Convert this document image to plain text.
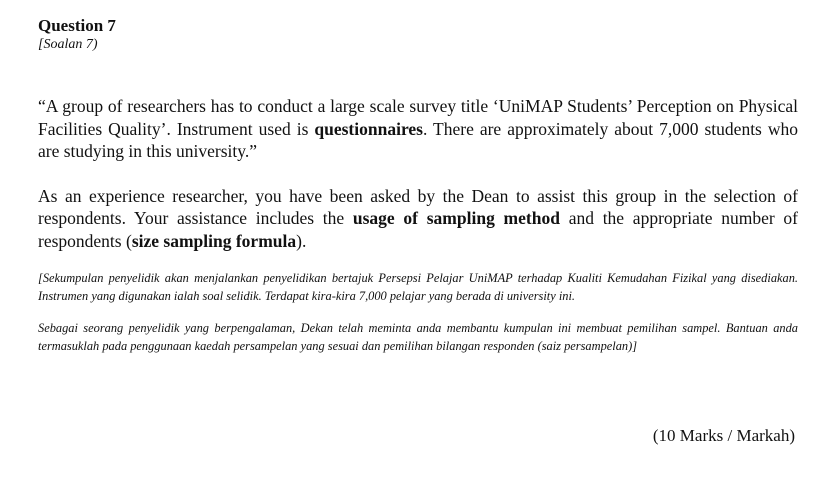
Question 7

[Soalan 7)

“A group of researchers has to conduct a large scale survey title ‘UniMAP Students’ Perception on Physical Facilities Quality’. Instrument used is questionnaires. There are approximately about 7,000 students who are studying in this university.”

As an experience researcher, you have been asked by the Dean to assist this group in the selection of respondents. Your assistance includes the usage of sampling method and the appropriate number of respondents (size sampling formula).

[Sekumpulan penyelidik akan menjalankan penyelidikan bertajuk Persepsi Pelajar UniMAP terhadap Kualiti Kemudahan Fizikal yang disediakan. Instrumen yang digunakan ialah soal selidik. Terdapat kira-kira 7,000 pelajar yang berada di university ini.

Sebagai seorang penyelidik yang berpengalaman, Dekan telah meminta anda membantu kumpulan ini membuat pemilihan sampel. Bantuan anda termasuklah pada penggunaan kaedah persampelan yang sesuai dan pemilihan bilangan responden (saiz persampelan)]

(10 Marks / Markah)
